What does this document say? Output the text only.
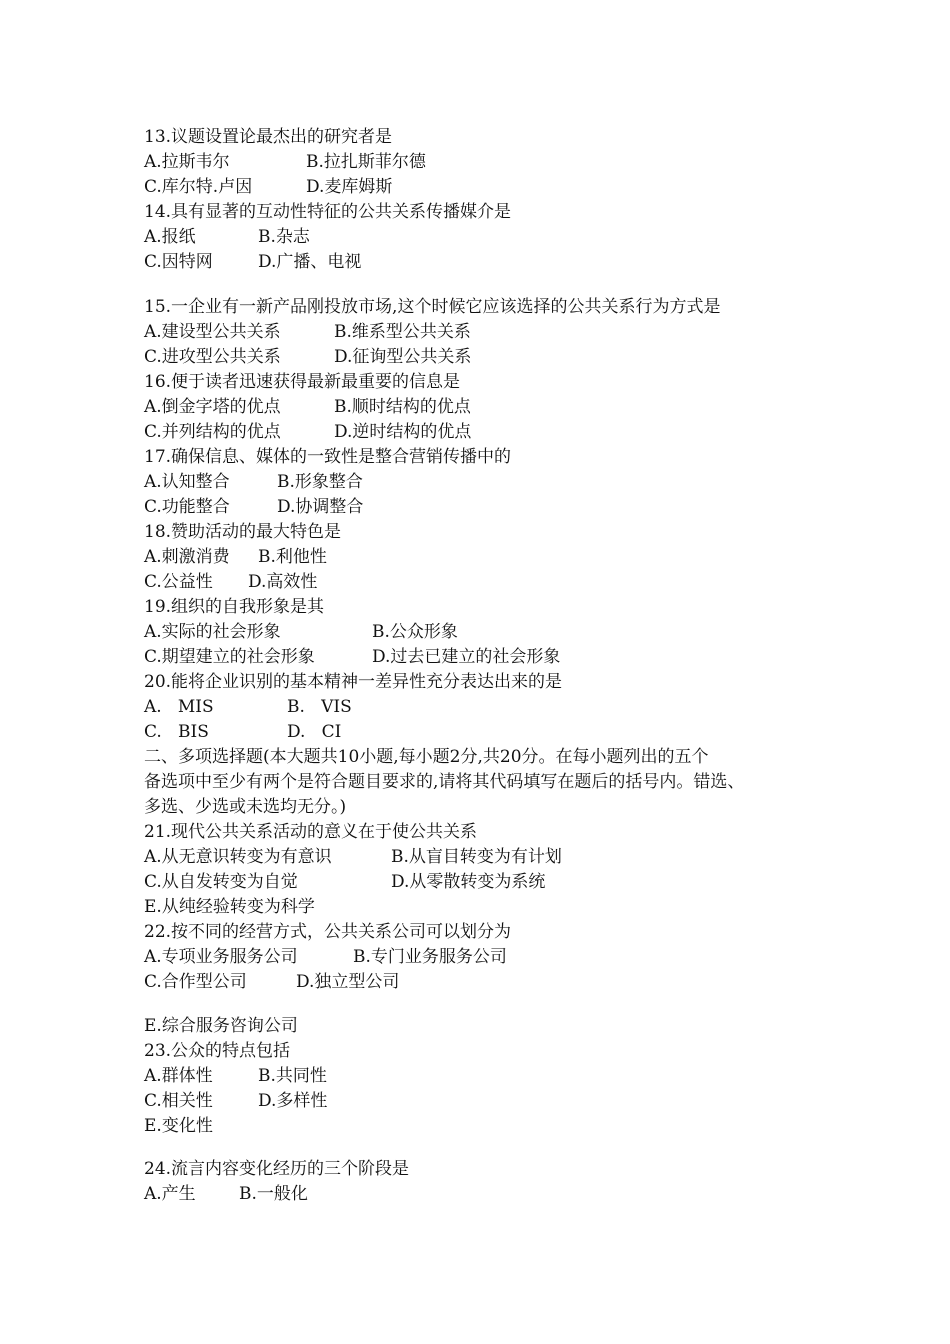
13.议题设置论最杰出的研究者是
A.拉斯韦尔	B.拉扎斯菲尔德
C.库尔特.卢因	D.麦库姆斯
14.具有显著的互动性特征的公共关系传播媒介是
A.报纸	B.杂志
C.因特网	D.广播、电视
15.一企业有一新产品刚投放市场,这个时候它应该选择的公共关系行为方式是
A.建设型公共关系	B.维系型公共关系
C.进攻型公共关系	D.征询型公共关系
16.便于读者迅速获得最新最重要的信息是
A.倒金字塔的优点	B.顺时结构的优点
C.并列结构的优点	D.逆时结构的优点
17.确保信息、媒体的一致性是整合营销传播中的
A.认知整合	B.形象整合
C.功能整合	D.协调整合
18.赞助活动的最大特色是
A.刺激消费 B.利他性
C.公益性 D.高效性
19.组织的自我形象是其
A.实际的社会形象	B.公众形象
C.期望建立的社会形象	D.过去已建立的社会形象
20.能将企业识别的基本精神一差异性充分表达出来的是
A.   MIS	B.   VIS
C.   BIS	D.   CI
二、多项选择题(本大题共10小题,每小题2分,共20分。在每小题列出的五个
备选项中至少有两个是符合题目要求的,请将其代码填写在题后的括号内。错选、
多选、少选或未选均无分。)
21.现代公共关系活动的意义在于使公共关系
A.从无意识转变为有意识	B.从盲目转变为有计划
C.从自发转变为自觉	D.从零散转变为系统
E.从纯经验转变为科学
22.按不同的经营方式，公共关系公司可以划分为
A.专项业务服务公司	B.专门业务服务公司
C.合作型公司	D.独立型公司
E.综合服务咨询公司
23.公众的特点包括
A.群体性	B.共同性
C.相关性	D.多样性
E.变化性
24.流言内容变化经历的三个阶段是
A.产生	B.一般化
